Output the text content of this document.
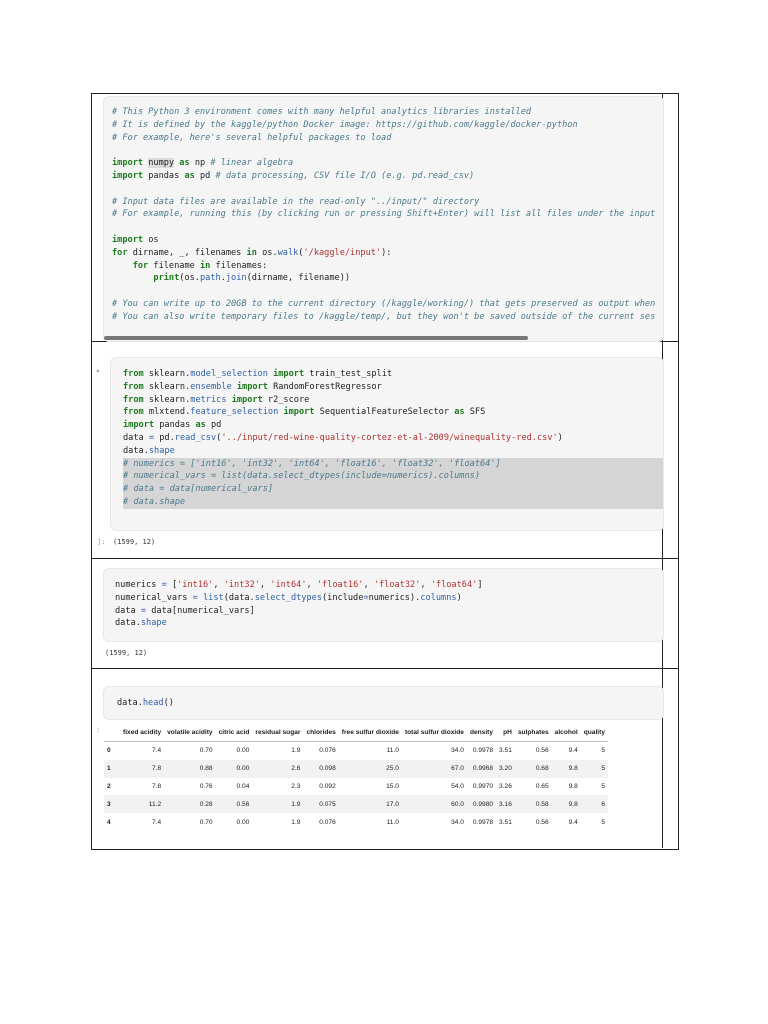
# This Python 3 environment comes with many helpful analytics libraries installed
# It is defined by the kaggle/python Docker image: https://github.com/kaggle/docker-python
# For example, here's several helpful packages to load

import numpy as np # linear algebra
import pandas as pd # data processing, CSV file I/O (e.g. pd.read_csv)

# Input data files are available in the read-only "../input/" directory
# For example, running this (by clicking run or pressing Shift+Enter) will list all files under the input

import os
for dirname, _, filenames in os.walk('/kaggle/input'):
for filename in filenames:
print(os.path.join(dirname, filename))

# You can write up to 20GB to the current directory (/kaggle/working/) that gets preserved as output when
# You can also write temporary files to /kaggle/temp/, but they won't be saved outside of the current ses
▸	from sklearn.model_selection import train_test_split
from sklearn.ensemble import RandomForestRegressor
from sklearn.metrics import r2_score
from mlxtend.feature_selection import SequentialFeatureSelector as SFS
import pandas as pd
data = pd.read_csv('../input/red-wine-quality-cortez-et-al-2009/winequality-red.csv')
data.shape
# numerics = ['int16', 'int32', 'int64', 'float16', 'float32', 'float64']
# numerical_vars = list(data.select_dtypes(include=numerics).columns)
# data = data[numerical_vars]
# data.shape
]: (1599, 12)
numerics = ['int16', 'int32', 'int64', 'float16', 'float32', 'float64']
numerical_vars = list(data.select_dtypes(include=numerics).columns)
data = data[numerical_vars]
data.shape
(1599, 12)
data.head()
:
		fixed acidity	volatile acidity	citric acid	residual sugar	chlorides	free sulfur dioxide	total sulfur dioxide	density	pH	sulphates	alcohol	quality
0	7.4	0.70	0.00	1.9	0.076	11.0	34.0	0.9978	3.51	0.56	9.4	5
1	7.8	0.88	0.00	2.6	0.098	25.0	67.0	0.9968	3.20	0.68	9.8	5
2	7.8	0.76	0.04	2.3	0.092	15.0	54.0	0.9970	3.26	0.65	9.8	5
3	11.2	0.28	0.56	1.9	0.075	17.0	60.0	0.9980	3.16	0.58	9.8	6
4	7.4	0.70	0.00	1.9	0.076	11.0	34.0	0.9978	3.51	0.56	9.4	5
